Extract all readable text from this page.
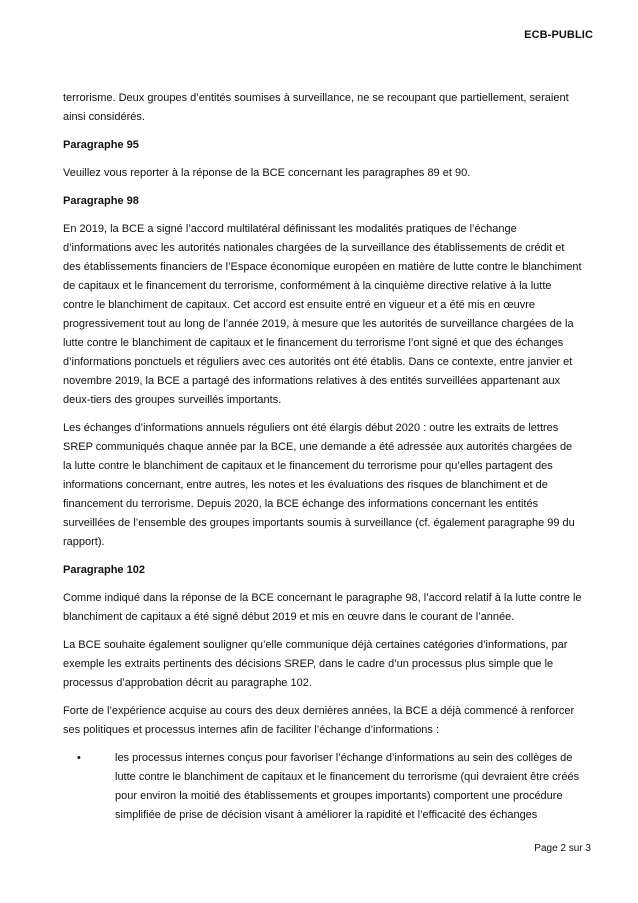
ECB-PUBLIC

terrorisme. Deux groupes d’entités soumises à surveillance, ne se recoupant que partiellement, seraient ainsi considérés.

Paragraphe 95

Veuillez vous reporter à la réponse de la BCE concernant les paragraphes 89 et 90.

Paragraphe 98

En 2019, la BCE a signé l’accord multilatéral définissant les modalités pratiques de l’échange d’informations avec les autorités nationales chargées de la surveillance des établissements de crédit et des établissements financiers de l’Espace économique européen en matière de lutte contre le blanchiment de capitaux et le financement du terrorisme, conformément à la cinquième directive relative à la lutte contre le blanchiment de capitaux. Cet accord est ensuite entré en vigueur et a été mis en œuvre progressivement tout au long de l’année 2019, à mesure que les autorités de surveillance chargées de la lutte contre le blanchiment de capitaux et le financement du terrorisme l’ont signé et que des échanges d’informations ponctuels et réguliers avec ces autorités ont été établis. Dans ce contexte, entre janvier et novembre 2019, la BCE a partagé des informations relatives à des entités surveillées appartenant aux deux-tiers des groupes surveillés importants.

Les échanges d’informations annuels réguliers ont été élargis début 2020 : outre les extraits de lettres SREP communiqués chaque année par la BCE, une demande a été adressée aux autorités chargées de la lutte contre le blanchiment de capitaux et le financement du terrorisme pour qu’elles partagent des informations concernant, entre autres, les notes et les évaluations des risques de blanchiment et de financement du terrorisme. Depuis 2020, la BCE échange des informations concernant les entités surveillées de l’ensemble des groupes importants soumis à surveillance (cf. également paragraphe 99 du rapport).

Paragraphe 102

Comme indiqué dans la réponse de la BCE concernant le paragraphe 98, l’accord relatif à la lutte contre le blanchiment de capitaux a été signé début 2019 et mis en œuvre dans le courant de l’année.

La BCE souhaite également souligner qu’elle communique déjà certaines catégories d’informations, par exemple les extraits pertinents des décisions SREP, dans le cadre d’un processus plus simple que le processus d’approbation décrit au paragraphe 102.

Forte de l’expérience acquise au cours des deux dernières années, la BCE a déjà commencé à renforcer ses politiques et processus internes afin de faciliter l’échange d’informations :

•	les processus internes conçus pour favoriser l’échange d’informations au sein des collèges de lutte contre le blanchiment de capitaux et le financement du terrorisme (qui devraient être créés pour environ la moitié des établissements et groupes importants) comportent une procédure simplifiée de prise de décision visant à améliorer la rapidité et l’efficacité des échanges
Page 2 sur 3
